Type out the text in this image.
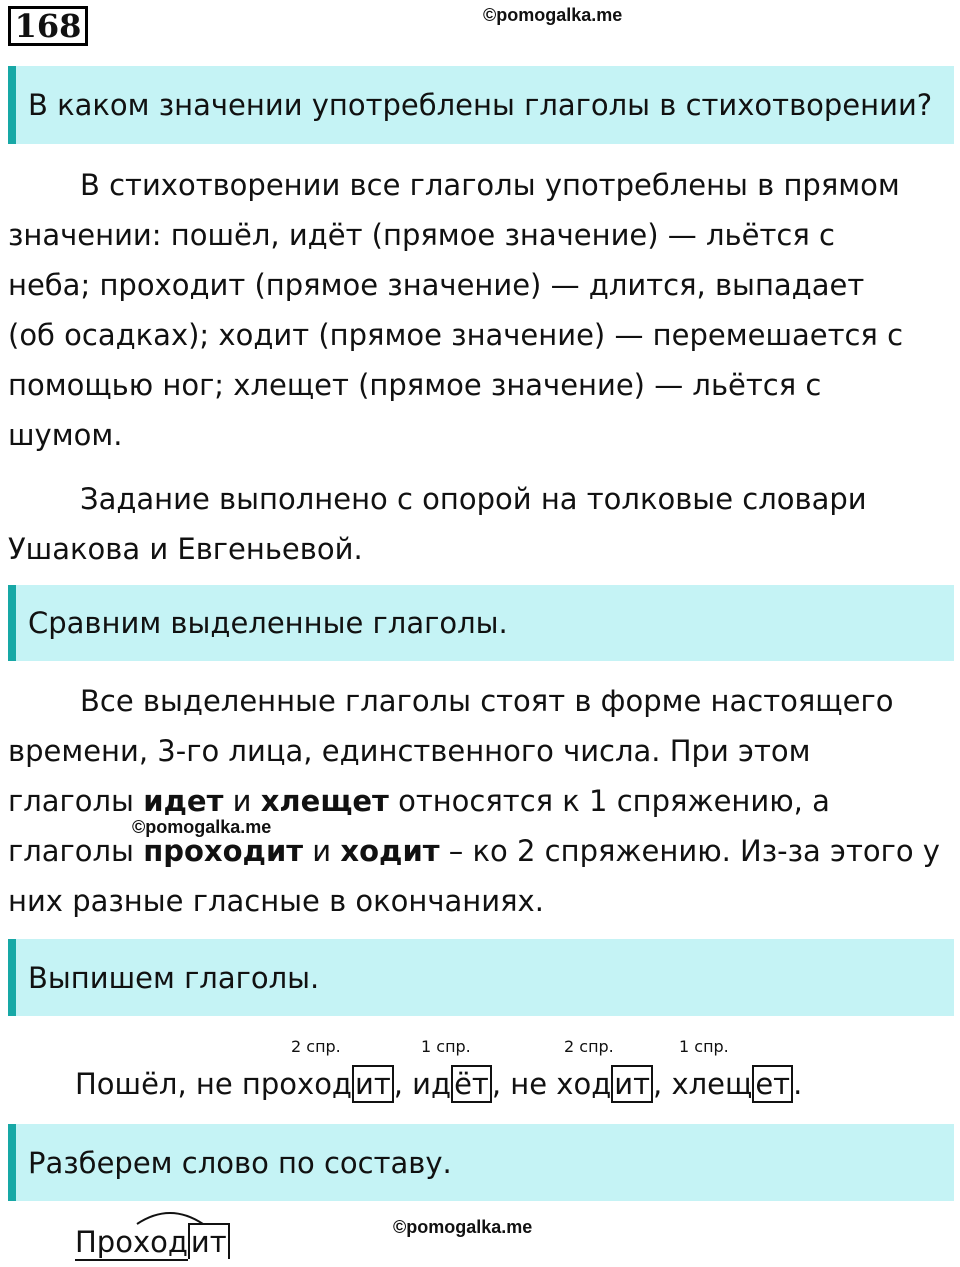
168	©pomogalka.me
В каком значении употреблены глаголы в стихотворении?
В стихотворении все глаголы употреблены в прямом
значении: пошёл, идёт (прямое значение) — льётся с
неба; проходит (прямое значение) — длится, выпадает
(об осадках); ходит (прямое значение) — перемешается с
помощью ног; хлещет (прямое значение) — льётся с
шумом.
Задание выполнено с опорой на толковые словари
Ушакова и Евгеньевой.
Сравним выделенные глаголы.
Все выделенные глаголы стоят в форме настоящего
времени, 3-го лица, единственного числа. При этом
глаголы идет и хлещет относятся к 1 спряжению, а
глаголы проходит и ходит – ко 2 спряжению. Из-за этого у
них разные гласные в окончаниях.
©pomogalka.me
Выпишем глаголы.
2 спр.	1 спр.	2 спр.	1 спр.
Пошёл, не проход ит , ид ёт , не ход ит , хлещ ет .
Разберем слово по составу.
Проход ит	©pomogalka.me
